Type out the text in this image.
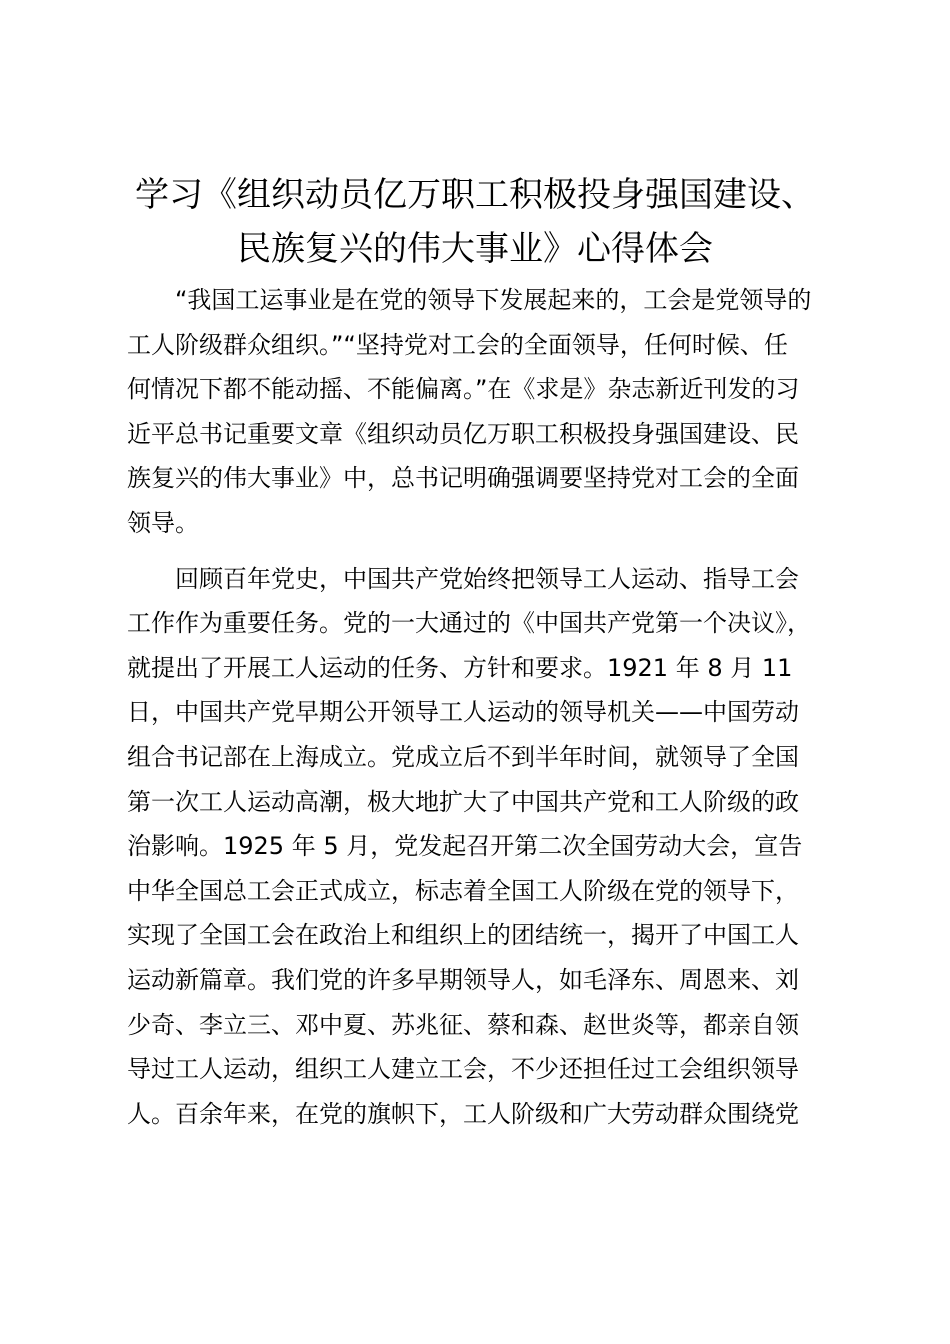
学习《组织动员亿万职工积极投身强国建设、
民族复兴的伟大事业》心得体会
“我国工运事业是在党的领导下发展起来的，工会是党领导的
工人阶级群众组织。”“坚持党对工会的全面领导，任何时候、任
何情况下都不能动摇、不能偏离。”在《求是》杂志新近刊发的习
近平总书记重要文章《组织动员亿万职工积极投身强国建设、民
族复兴的伟大事业》中，总书记明确强调要坚持党对工会的全面
领导。
回顾百年党史，中国共产党始终把领导工人运动、指导工会
工作作为重要任务。党的一大通过的《中国共产党第一个决议》，
就提出了开展工人运动的任务、方针和要求。1921 年 8 月 11
日，中国共产党早期公开领导工人运动的领导机关——中国劳动
组合书记部在上海成立。党成立后不到半年时间，就领导了全国
第一次工人运动高潮，极大地扩大了中国共产党和工人阶级的政
治影响。1925 年 5 月，党发起召开第二次全国劳动大会，宣告
中华全国总工会正式成立，标志着全国工人阶级在党的领导下，
实现了全国工会在政治上和组织上的团结统一，揭开了中国工人
运动新篇章。我们党的许多早期领导人，如毛泽东、周恩来、刘
少奇、李立三、邓中夏、苏兆征、蔡和森、赵世炎等，都亲自领
导过工人运动，组织工人建立工会，不少还担任过工会组织领导
人。百余年来，在党的旗帜下，工人阶级和广大劳动群众围绕党
